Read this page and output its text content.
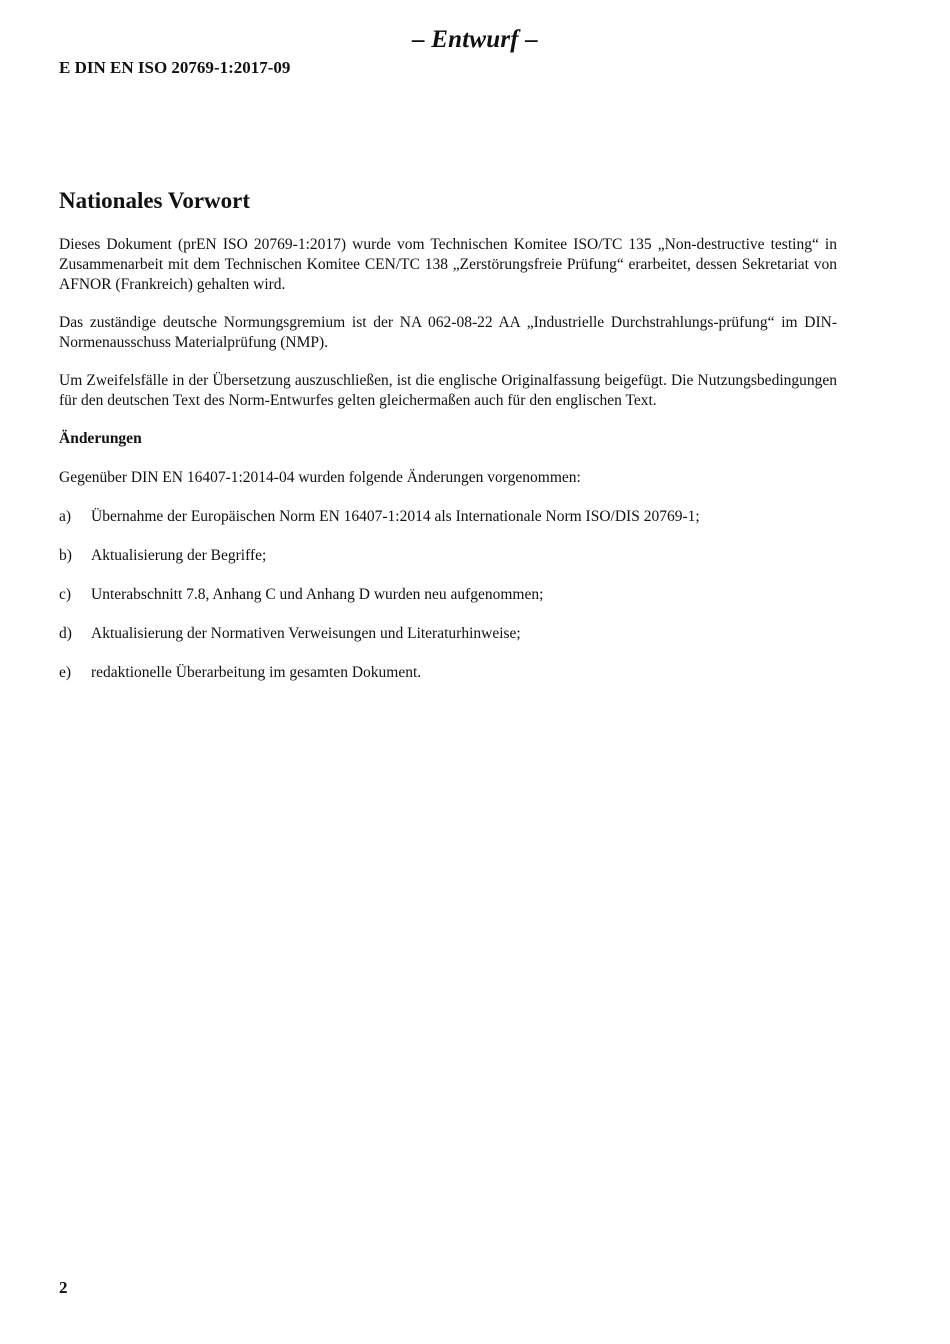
– Entwurf –
E DIN EN ISO 20769-1:2017-09
Nationales Vorwort

Dieses Dokument (prEN ISO 20769-1:2017) wurde vom Technischen Komitee ISO/TC 135 „Non-destructive testing“ in Zusammenarbeit mit dem Technischen Komitee CEN/TC 138 „Zerstörungsfreie Prüfung“ erarbeitet, dessen Sekretariat von AFNOR (Frankreich) gehalten wird.

Das zuständige deutsche Normungsgremium ist der NA 062-08-22 AA „Industrielle Durchstrahlungs-prüfung“ im DIN-Normenausschuss Materialprüfung (NMP).

Um Zweifelsfälle in der Übersetzung auszuschließen, ist die englische Originalfassung beigefügt. Die Nutzungsbedingungen für den deutschen Text des Norm-Entwurfes gelten gleichermaßen auch für den englischen Text.

Änderungen
Gegenüber DIN EN 16407-1:2014-04 wurden folgende Änderungen vorgenommen:
a)	Übernahme der Europäischen Norm EN 16407-1:2014 als Internationale Norm ISO/DIS 20769-1;
b)	Aktualisierung der Begriffe;
c)	Unterabschnitt 7.8, Anhang C und Anhang D wurden neu aufgenommen;
d)	Aktualisierung der Normativen Verweisungen und Literaturhinweise;
e)	redaktionelle Überarbeitung im gesamten Dokument.
2
